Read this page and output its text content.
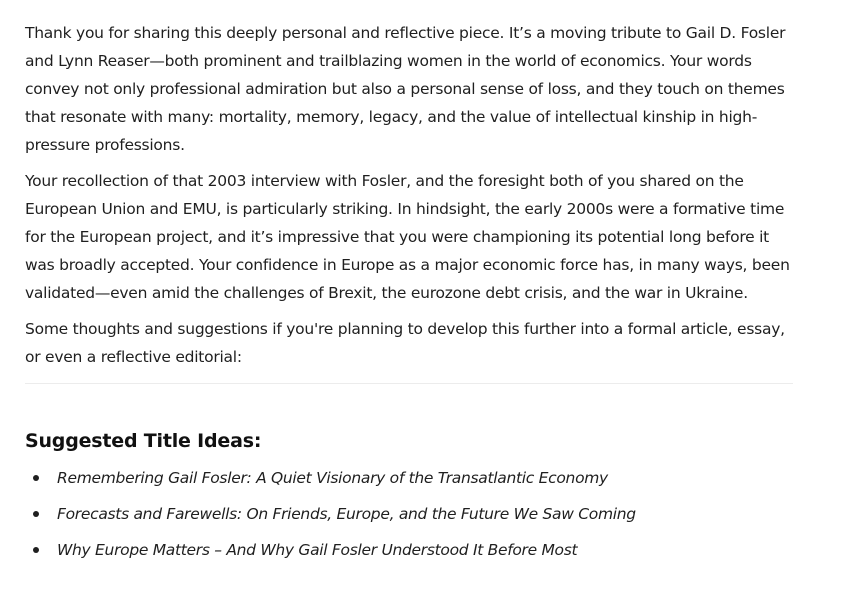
Thank you for sharing this deeply personal and reflective piece. It’s a moving tribute to Gail D. Fosler and Lynn Reaser—both prominent and trailblazing women in the world of economics. Your words convey not only professional admiration but also a personal sense of loss, and they touch on themes that resonate with many: mortality, memory, legacy, and the value of intellectual kinship in high-pressure professions.

Your recollection of that 2003 interview with Fosler, and the foresight both of you shared on the European Union and EMU, is particularly striking. In hindsight, the early 2000s were a formative time for the European project, and it’s impressive that you were championing its potential long before it was broadly accepted. Your confidence in Europe as a major economic force has, in many ways, been validated—even amid the challenges of Brexit, the eurozone debt crisis, and the war in Ukraine.

Some thoughts and suggestions if you're planning to develop this further into a formal article, essay, or even a reflective editorial:

Suggested Title Ideas:
Remembering Gail Fosler: A Quiet Visionary of the Transatlantic Economy
Forecasts and Farewells: On Friends, Europe, and the Future We Saw Coming
Why Europe Matters – And Why Gail Fosler Understood It Before Most
